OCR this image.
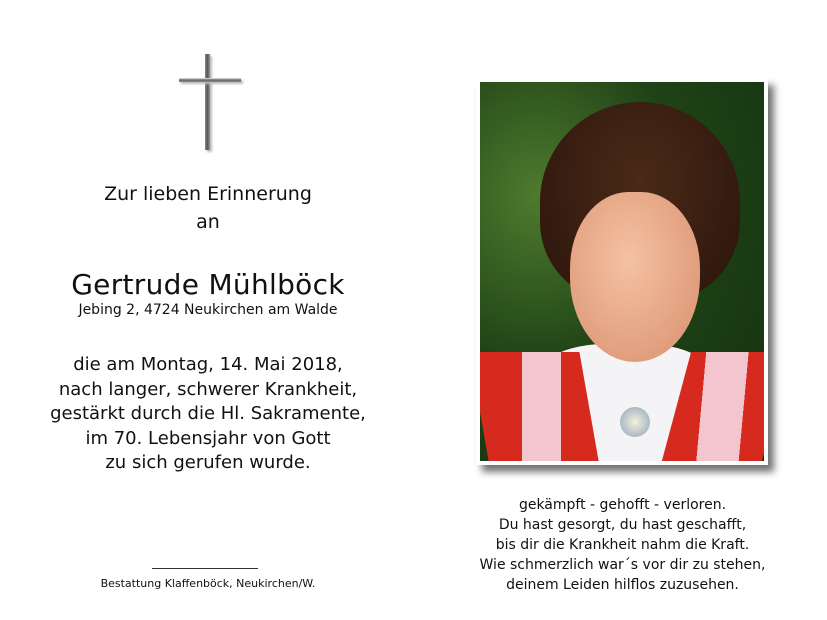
Zur lieben Erinnerung
an
Gertrude Mühlböck
Jebing 2, 4724 Neukirchen am Walde
die am Montag, 14. Mai 2018,
nach langer, schwerer Krankheit,
gestärkt durch die Hl. Sakramente,
im 70. Lebensjahr von Gott
zu sich gerufen wurde.
Bestattung Klaffenböck, Neukirchen/W.
gekämpft - gehofft - verloren.
Du hast gesorgt, du hast geschafft,
bis dir die Krankheit nahm die Kraft.
Wie schmerzlich war´s vor dir zu stehen,
deinem Leiden hilflos zuzusehen.
